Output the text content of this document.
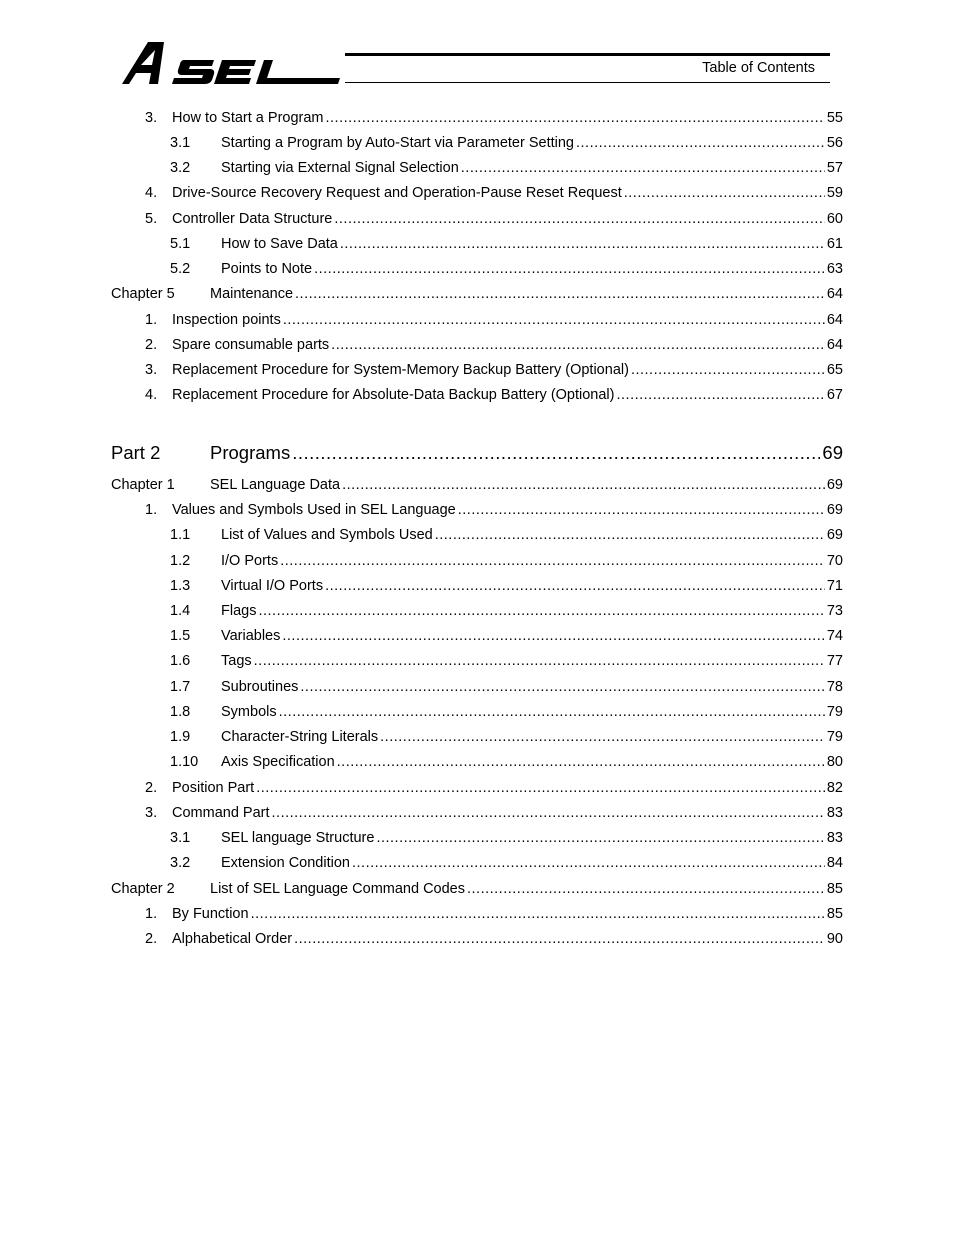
Table of Contents
3. How to Start a Program .....	55
3.1 Starting a Program by Auto-Start via Parameter Setting .....	56
3.2 Starting via External Signal Selection .....	57
4. Drive-Source Recovery Request and Operation-Pause Reset Request .....	59
5. Controller Data Structure .....	60
5.1 How to Save Data .....	61
5.2 Points to Note .....	63
Chapter 5 Maintenance .....	64
1. Inspection points .....	64
2. Spare consumable parts .....	64
3. Replacement Procedure for System-Memory Backup Battery (Optional) .....	65
4. Replacement Procedure for Absolute-Data Backup Battery (Optional) .....	67
Part 2	Programs .....	69
Chapter 1 SEL Language Data .....	69
1. Values and Symbols Used in SEL Language .....	69
1.1 List of Values and Symbols Used .....	69
1.2 I/O Ports .....	70
1.3 Virtual I/O Ports .....	71
1.4 Flags .....	73
1.5 Variables .....	74
1.6 Tags .....	77
1.7 Subroutines .....	78
1.8 Symbols .....	79
1.9 Character-String Literals .....	79
1.10 Axis Specification .....	80
2. Position Part .....	82
3. Command Part .....	83
3.1 SEL language Structure .....	83
3.2 Extension Condition .....	84
Chapter 2 List of SEL Language Command Codes .....	85
1. By Function .....	85
2. Alphabetical Order .....	90
